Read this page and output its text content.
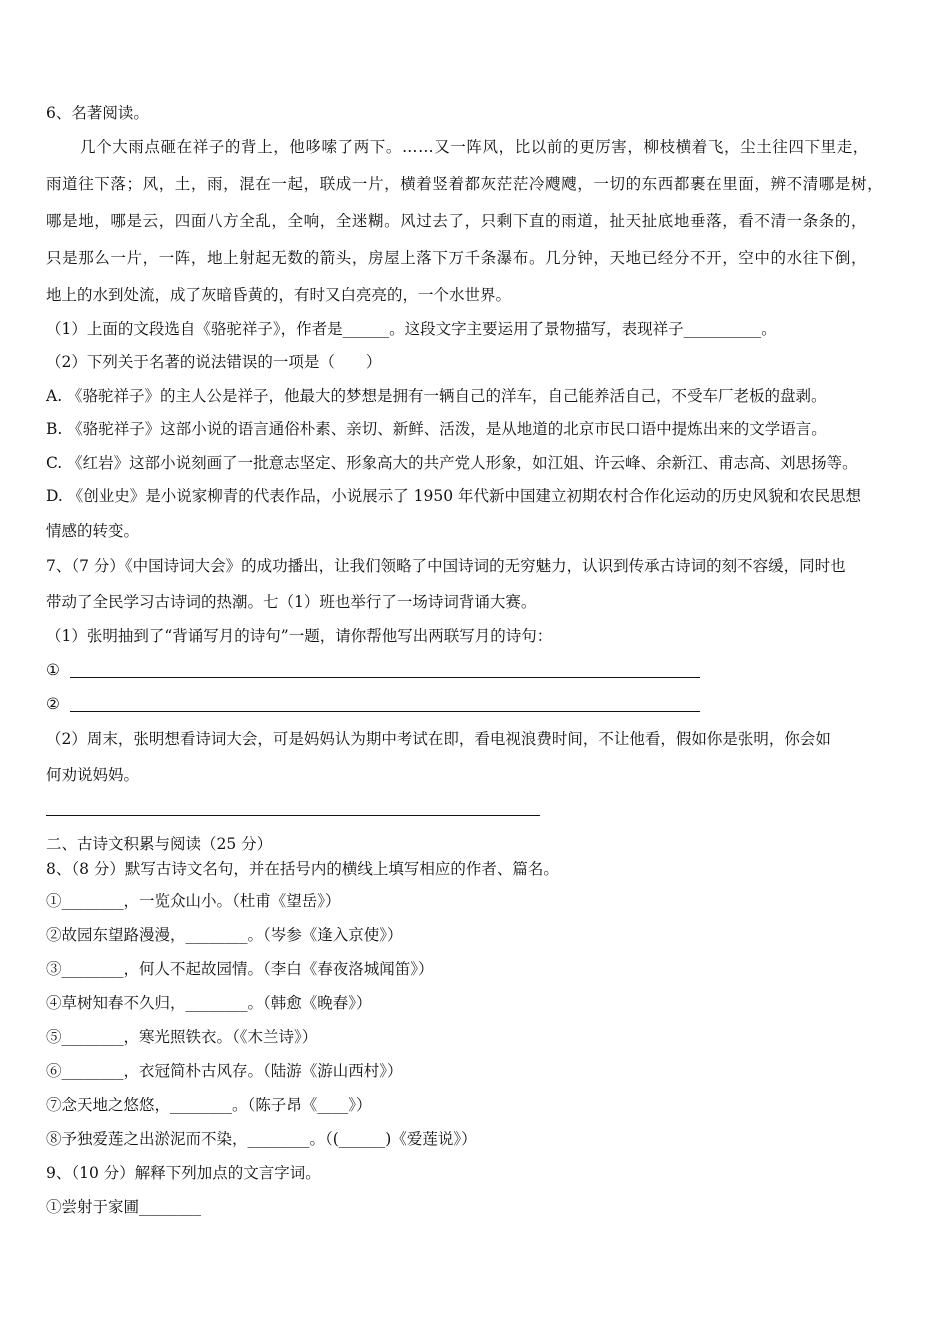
6、名著阅读。
几个大雨点砸在祥子的背上，他哆嗦了两下。……又一阵风，比以前的更厉害，柳枝横着飞，尘土往四下里走，
雨道往下落；风，土，雨，混在一起，联成一片，横着竖着都灰茫茫冷飕飕，一切的东西都裹在里面，辨不清哪是树，
哪是地，哪是云，四面八方全乱，全响，全迷糊。风过去了，只剩下直的雨道，扯天扯底地垂落，看不清一条条的，
只是那么一片，一阵，地上射起无数的箭头，房屋上落下万千条瀑布。几分钟，天地已经分不开，空中的水往下倒，
地上的水到处流，成了灰暗昏黄的，有时又白亮亮的，一个水世界。
（1）上面的文段选自《骆驼祥子》，作者是______。这段文字主要运用了景物描写，表现祥子__________。
（2）下列关于名著的说法错误的一项是（　　）
A. 《骆驼祥子》的主人公是祥子，他最大的梦想是拥有一辆自己的洋车，自己能养活自己，不受车厂老板的盘剥。
B. 《骆驼祥子》这部小说的语言通俗朴素、亲切、新鲜、活泼，是从地道的北京市民口语中提炼出来的文学语言。
C. 《红岩》这部小说刻画了一批意志坚定、形象高大的共产党人形象，如江姐、许云峰、余新江、甫志高、刘思扬等。
D. 《创业史》是小说家柳青的代表作品，小说展示了 1950 年代新中国建立初期农村合作化运动的历史风貌和农民思想
情感的转变。
7、（7 分）《中国诗词大会》的成功播出，让我们领略了中国诗词的无穷魅力，认识到传承古诗词的刻不容缓，同时也
带动了全民学习古诗词的热潮。七（1）班也举行了一场诗词背诵大赛。
（1）张明抽到了“背诵写月的诗句”一题，请你帮他写出两联写月的诗句：
①
②
（2）周末，张明想看诗词大会，可是妈妈认为期中考试在即，看电视浪费时间，不让他看，假如你是张明，你会如
何劝说妈妈。
二、古诗文积累与阅读（25 分）
8、（8 分）默写古诗文名句，并在括号内的横线上填写相应的作者、篇名。
①________，一览众山小。（杜甫《望岳》）
②故园东望路漫漫，________。（岑参《逢入京使》）
③________，何人不起故园情。（李白《春夜洛城闻笛》）
④草树知春不久归，________。（韩愈《晚春》）
⑤________，寒光照铁衣。（《木兰诗》）
⑥________，衣冠简朴古风存。（陆游《游山西村》）
⑦念天地之悠悠，________。（陈子昂《____》）
⑧予独爱莲之出淤泥而不染，________。（(______)《爱莲说》）
9、（10 分）解释下列加点的文言字词。
①尝射于家圃________
